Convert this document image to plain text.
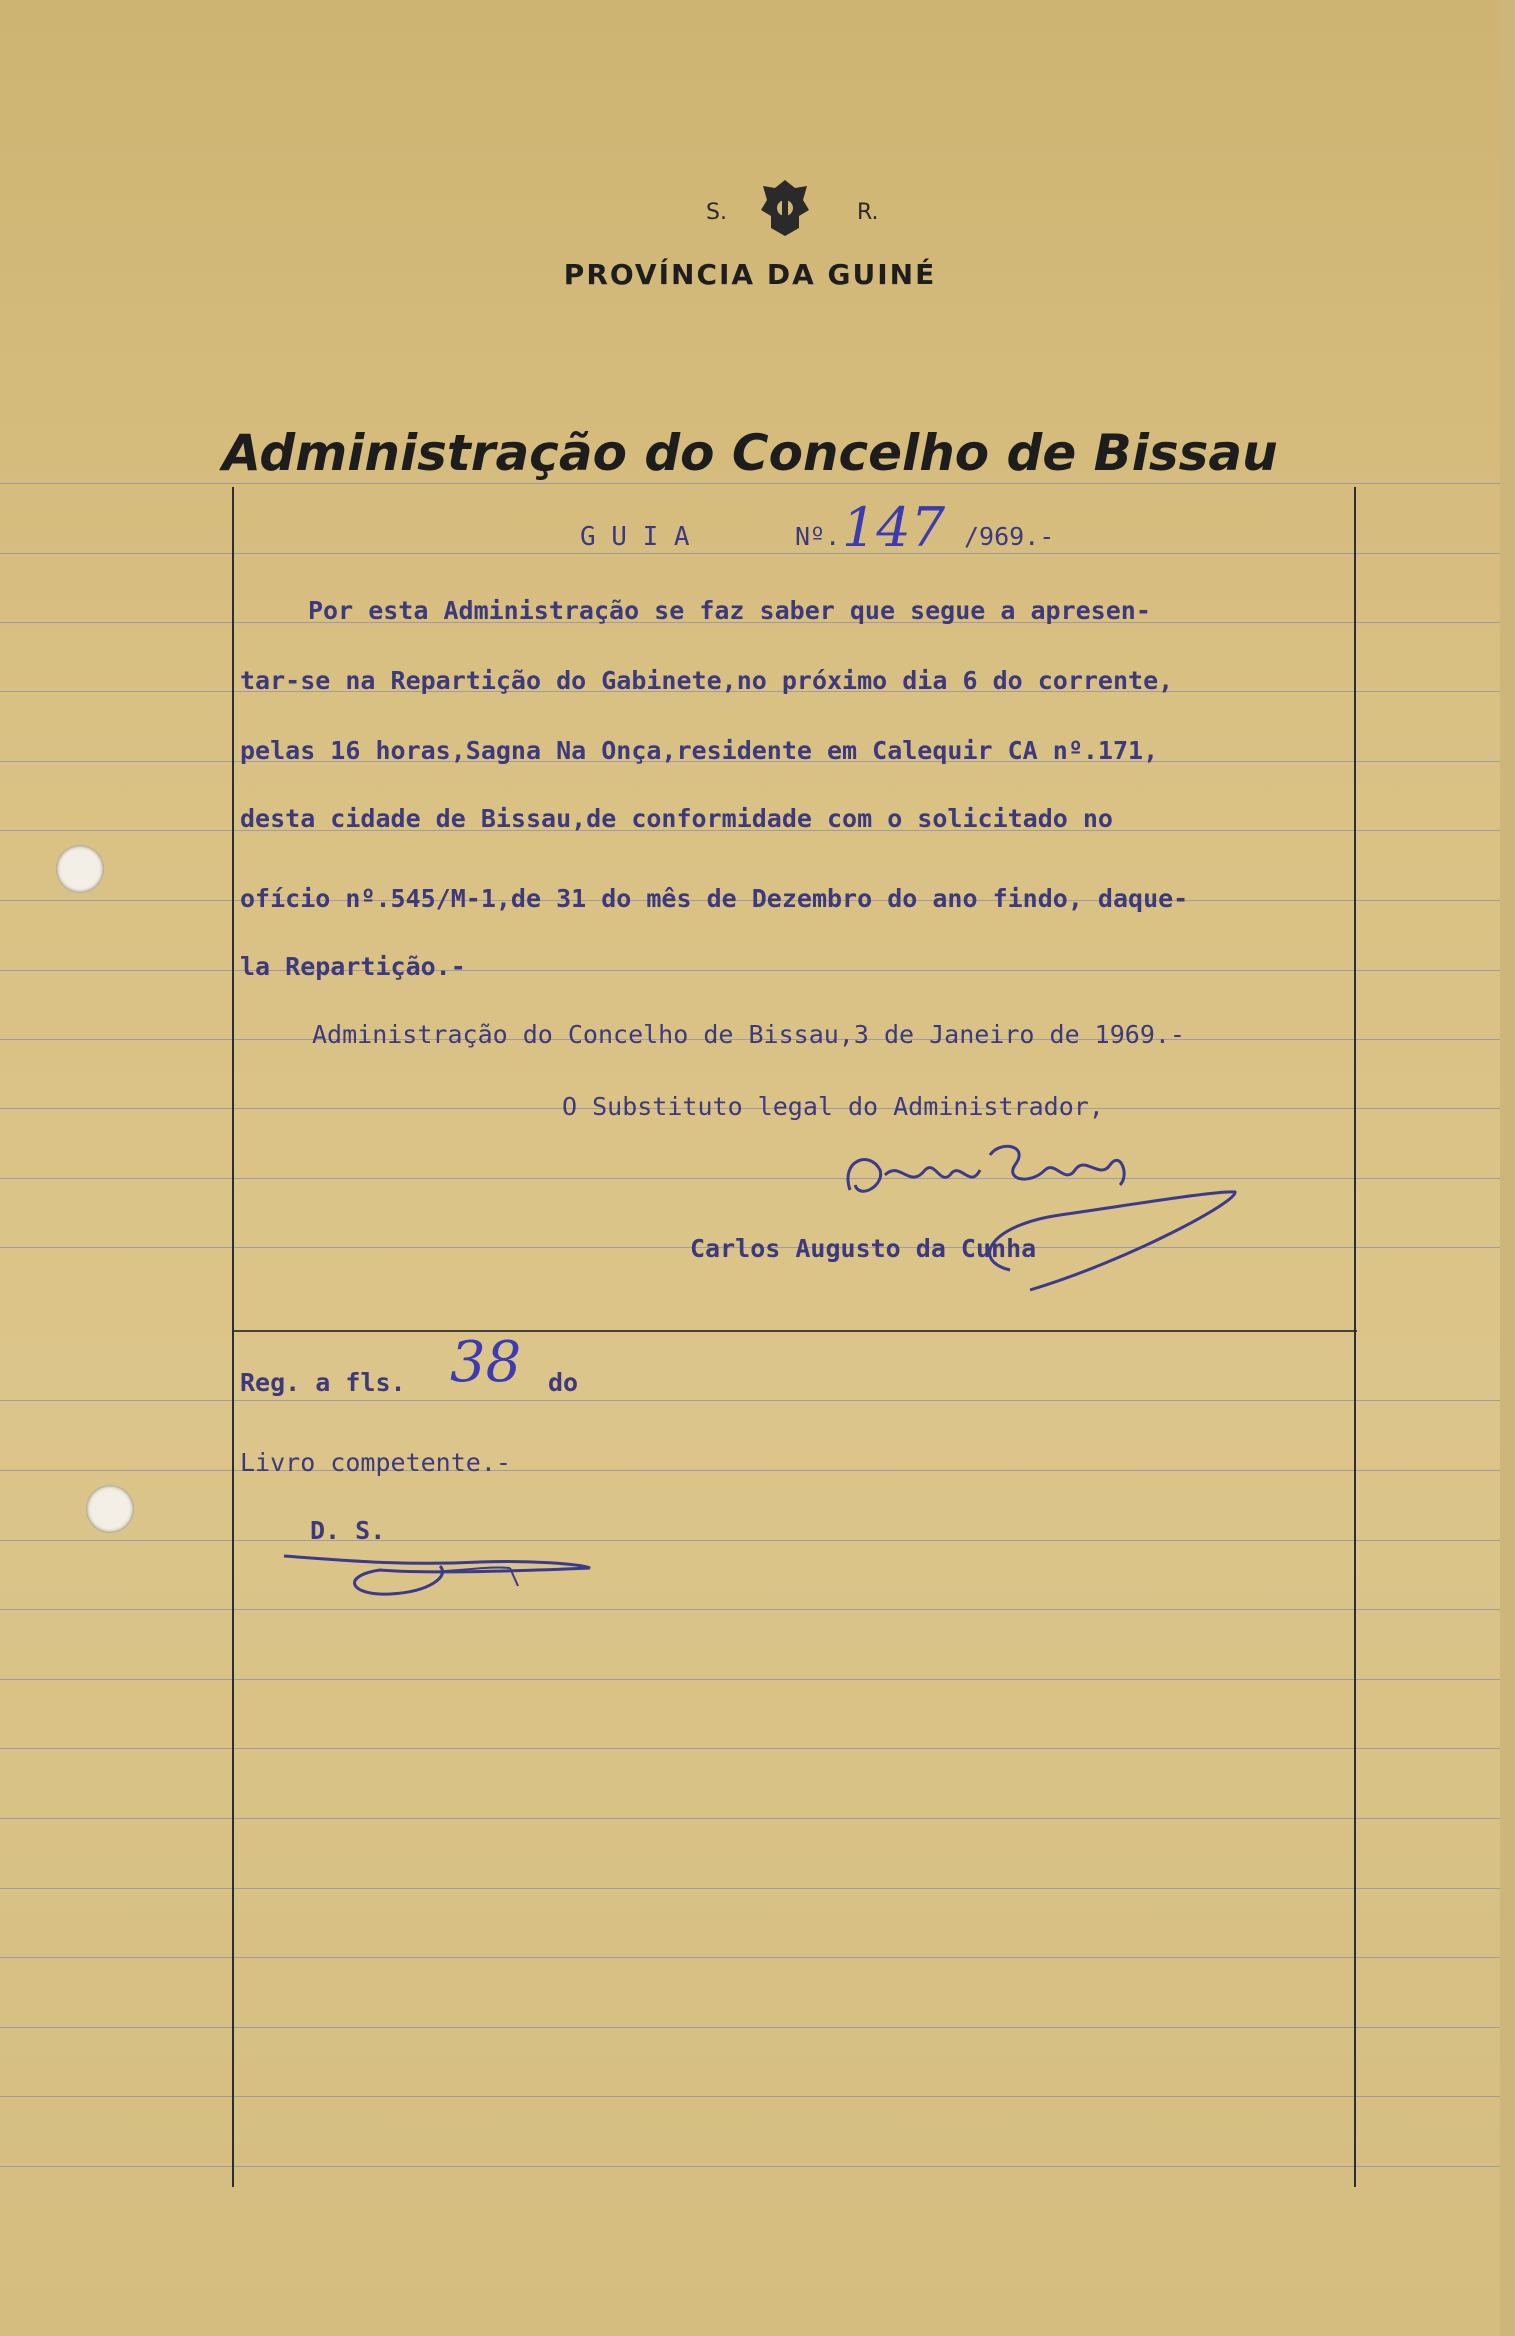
S.	R.
PROVÍNCIA DA GUINÉ
Administração do Concelho de Bissau
G U I A	Nº. 147 /969.-
Por esta Administração se faz saber que segue a apresen-
tar-se na Repartição do Gabinete,no próximo dia 6 do corrente,
pelas 16 horas,Sagna Na Onça,residente em Calequir CA nº.171,
desta cidade de Bissau,de conformidade com o solicitado no
ofício nº.545/M-1,de 31 do mês de Dezembro do ano findo, daque-
la Repartição.-
Administração do Concelho de Bissau,3 de Janeiro de 1969.-
O Substituto legal do Administrador,
Carlos Augusto da Cunha
Reg. a fls. 38 do
Livro competente.-
D. S.
